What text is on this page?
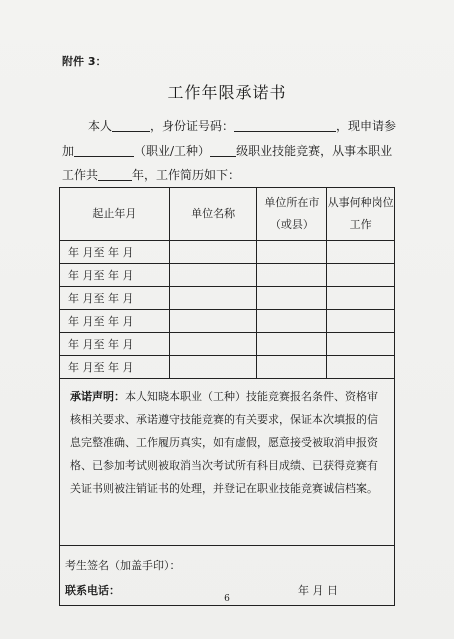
附件 3：
工作年限承诺书
本人	，身份证号码：	，现申请参
加	（职业/工种） 级职业技能竞赛，从事本职业
工作共	年，工作简历如下：
起止年月	单位名称	单位所在市（或县）	从事何种岗位工作
年 月至 年 月			
年 月至 年 月			
年 月至 年 月			
年 月至 年 月			
年 月至 年 月			
年 月至 年 月			
承诺声明：本人知晓本职业（工种）技能竞赛报名条件、资格审核相关要求、承诺遵守技能竞赛的有关要求，保证本次填报的信息完整准确、工作履历真实，如有虚假，愿意接受被取消申报资格、已参加考试则被取消当次考试所有科目成绩、已获得竞赛有关证书则被注销证书的处理，并登记在职业技能竞赛诚信档案。			

考生签名（加盖手印）：
联系电话： 年 月 日			
6
